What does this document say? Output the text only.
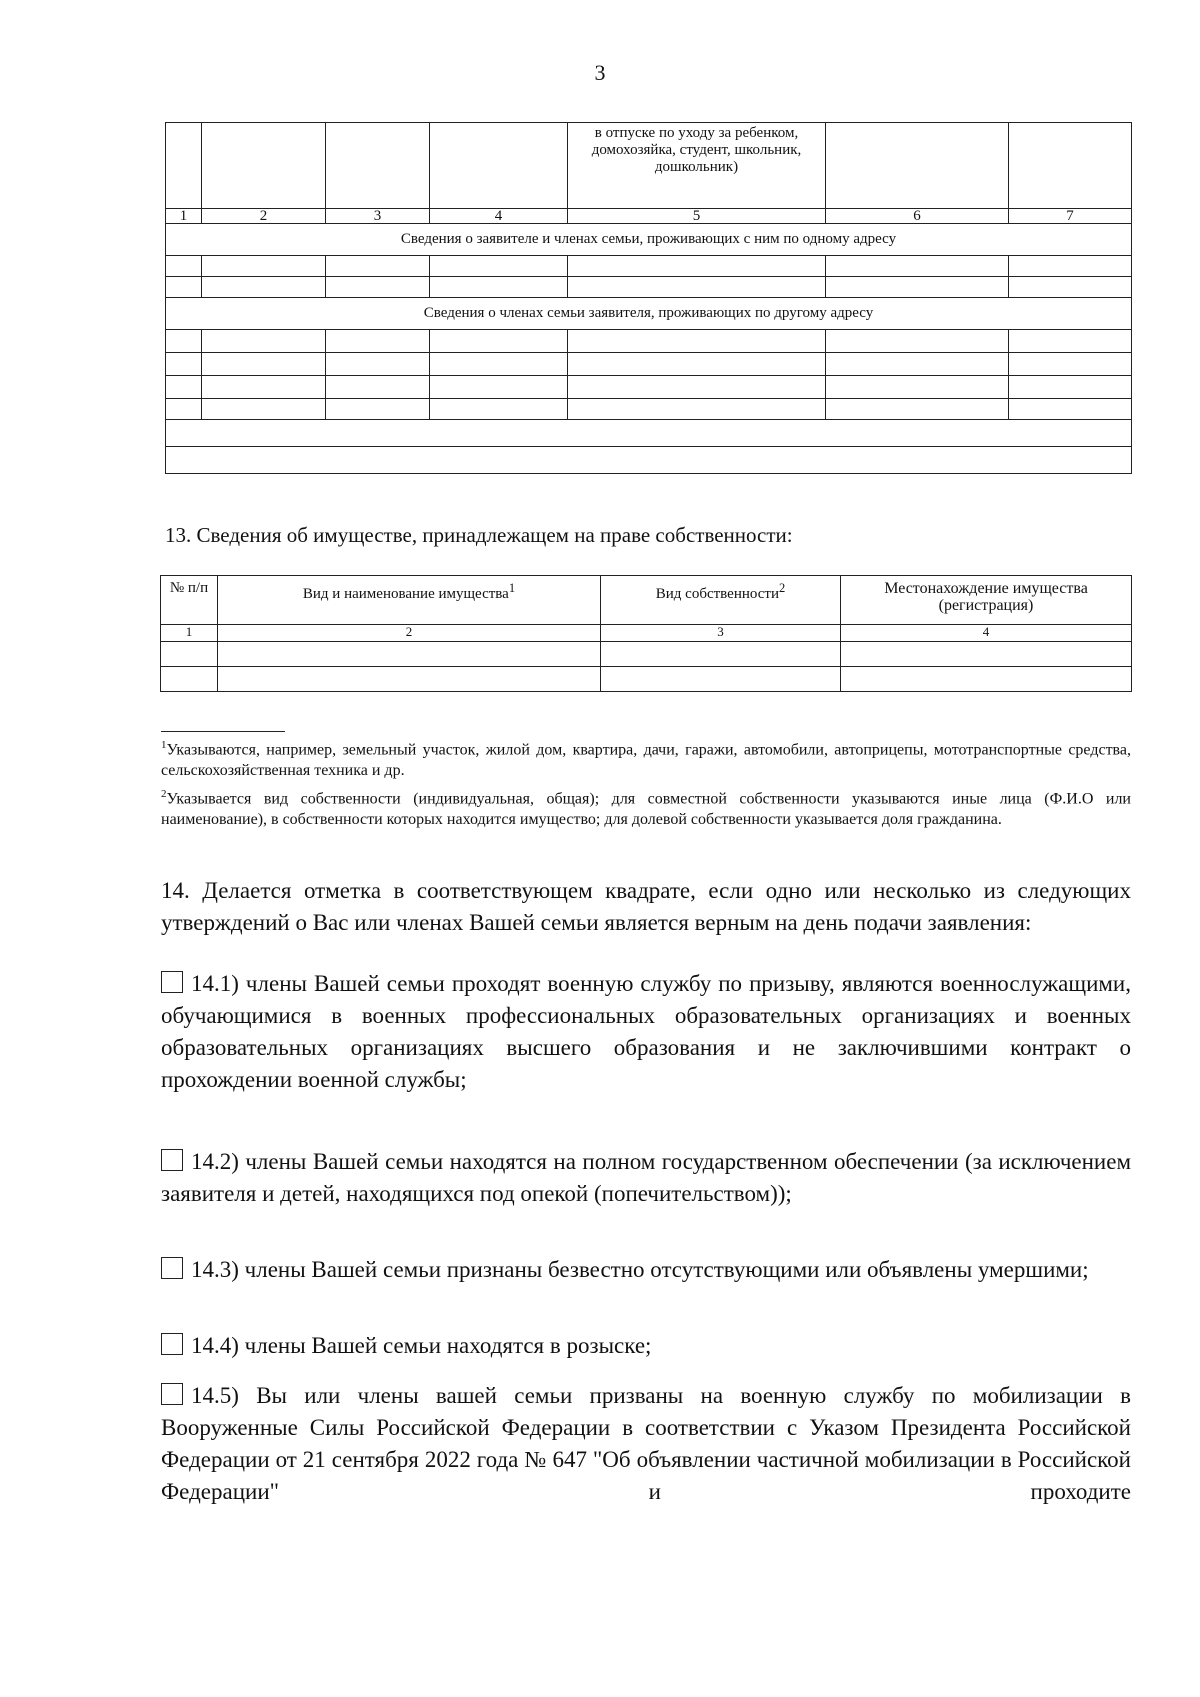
3
				в отпуске по уходу за ребенком, домохозяйка, студент, школьник, дошкольник)		
1	2	3	4	5	6	7
Сведения о заявителе и членах семьи, проживающих с ним по одному адресу						

Сведения о членах семьи заявителя, проживающих по другому адресу						

13. Сведения об имуществе, принадлежащем на праве собственности:
№ п/п	Вид и наименование имущества$^1$	Вид собственности$^2$	Местонахождение имущества (регистрация)
1	2	3	4

$^1$Указываются, например, земельный участок, жилой дом, квартира, дачи, гаражи, автомобили, автоприцепы, мототранспортные средства, сельскохозяйственная техника и др.
$^2$Указывается вид собственности (индивидуальная, общая); для совместной собственности указываются иные лица (Ф.И.О или наименование), в собственности которых находится имущество; для долевой собственности указывается доля гражданина.
14. Делается отметка в соответствующем квадрате, если одно или несколько из следующих утверждений о Вас или членах Вашей семьи является верным на день подачи заявления:
14.1) члены Вашей семьи проходят военную службу по призыву, являются военнослужащими, обучающимися в военных профессиональных образовательных организациях и военных образовательных организациях высшего образования и не заключившими контракт о прохождении военной службы;
14.2) члены Вашей семьи находятся на полном государственном обеспечении (за исключением заявителя и детей, находящихся под опекой (попечительством));
14.3) члены Вашей семьи признаны безвестно отсутствующими или объявлены умершими;
14.4) члены Вашей семьи находятся в розыске;
14.5) Вы или члены вашей семьи призваны на военную службу по мобилизации в Вооруженные Силы Российской Федерации в соответствии с Указом Президента Российской Федерации от 21 сентября 2022 года № 647 "Об объявлении частичной мобилизации в Российской Федерации" и проходите
